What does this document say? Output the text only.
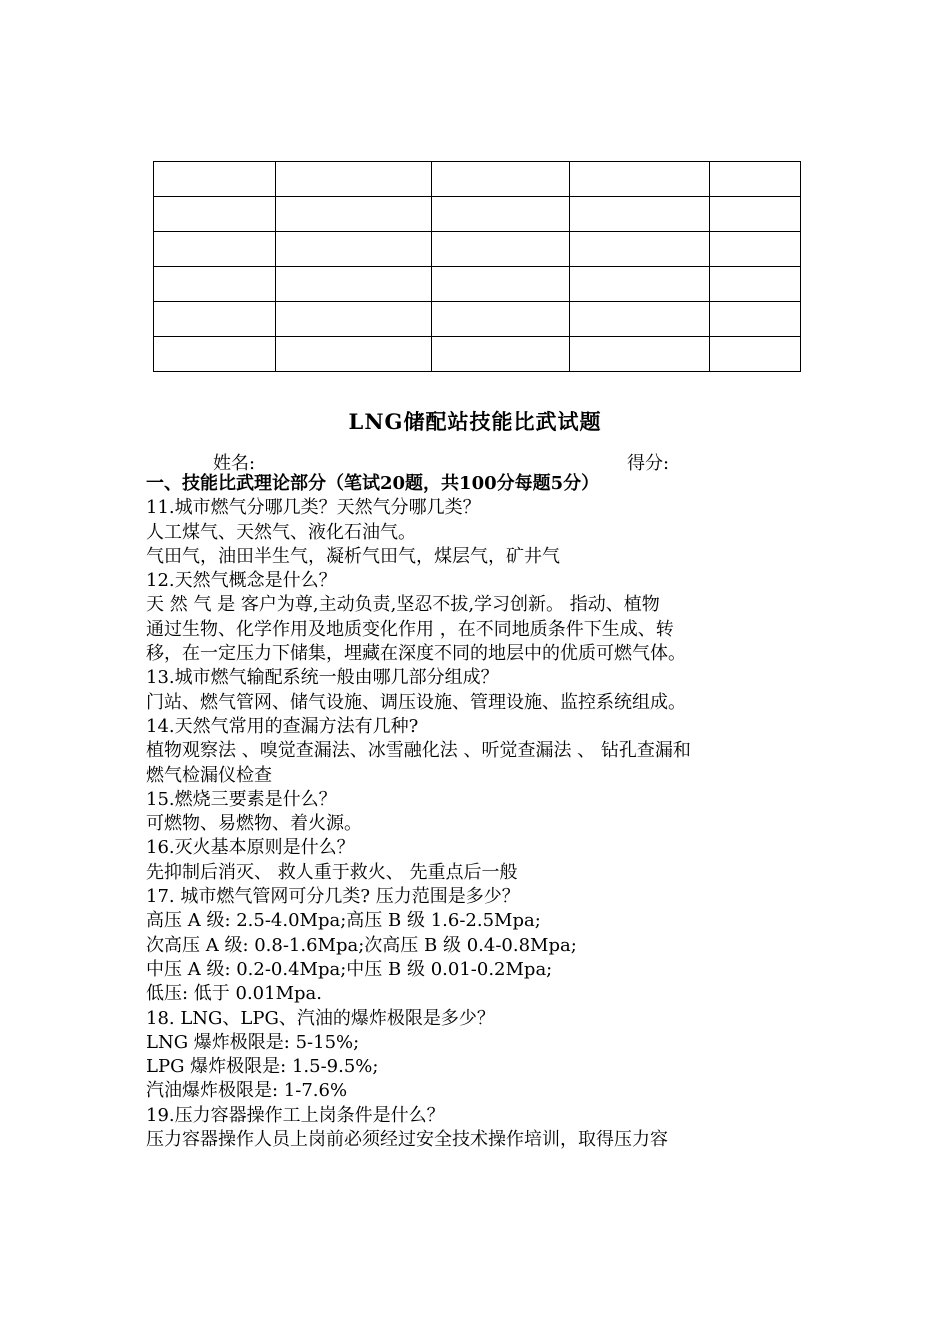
LNG储配站技能比武试题
姓名:	得分:
一、技能比武理论部分（笔试20题，共100分每题5分）
11.城市燃气分哪几类？天然气分哪几类？
人工煤气、天然气、液化石油气。
气田气，油田半生气，凝析气田气，煤层气，矿井气
12.天然气概念是什么？
天 然 气 是 客户为尊,主动负责,坚忍不拔,学习创新。 指动、植物
通过生物、化学作用及地质变化作用 ，在不同地质条件下生成、转
移，在一定压力下储集，埋藏在深度不同的地层中的优质可燃气体。
13.城市燃气输配系统一般由哪几部分组成？
门站、燃气管网、储气设施、调压设施、管理设施、监控系统组成。
14.天然气常用的查漏方法有几种?
植物观察法 、嗅觉查漏法、冰雪融化法 、听觉查漏法 、 钻孔查漏和
燃气检漏仪检查
15.燃烧三要素是什么？
可燃物、易燃物、着火源。
16.灭火基本原则是什么？
先抑制后消灭、 救人重于救火、 先重点后一般
17. 城市燃气管网可分几类? 压力范围是多少？
高压 A 级: 2.5-4.0Mpa;高压 B 级 1.6-2.5Mpa;
次高压 A 级: 0.8-1.6Mpa;次高压 B 级 0.4-0.8Mpa;
中压 A 级: 0.2-0.4Mpa;中压 B 级 0.01-0.2Mpa;
低压: 低于 0.01Mpa.
18. LNG、LPG、汽油的爆炸极限是多少？
LNG 爆炸极限是: 5-15%;
LPG 爆炸极限是: 1.5-9.5%;
汽油爆炸极限是: 1-7.6%
19.压力容器操作工上岗条件是什么？
压力容器操作人员上岗前必须经过安全技术操作培训，取得压力容
